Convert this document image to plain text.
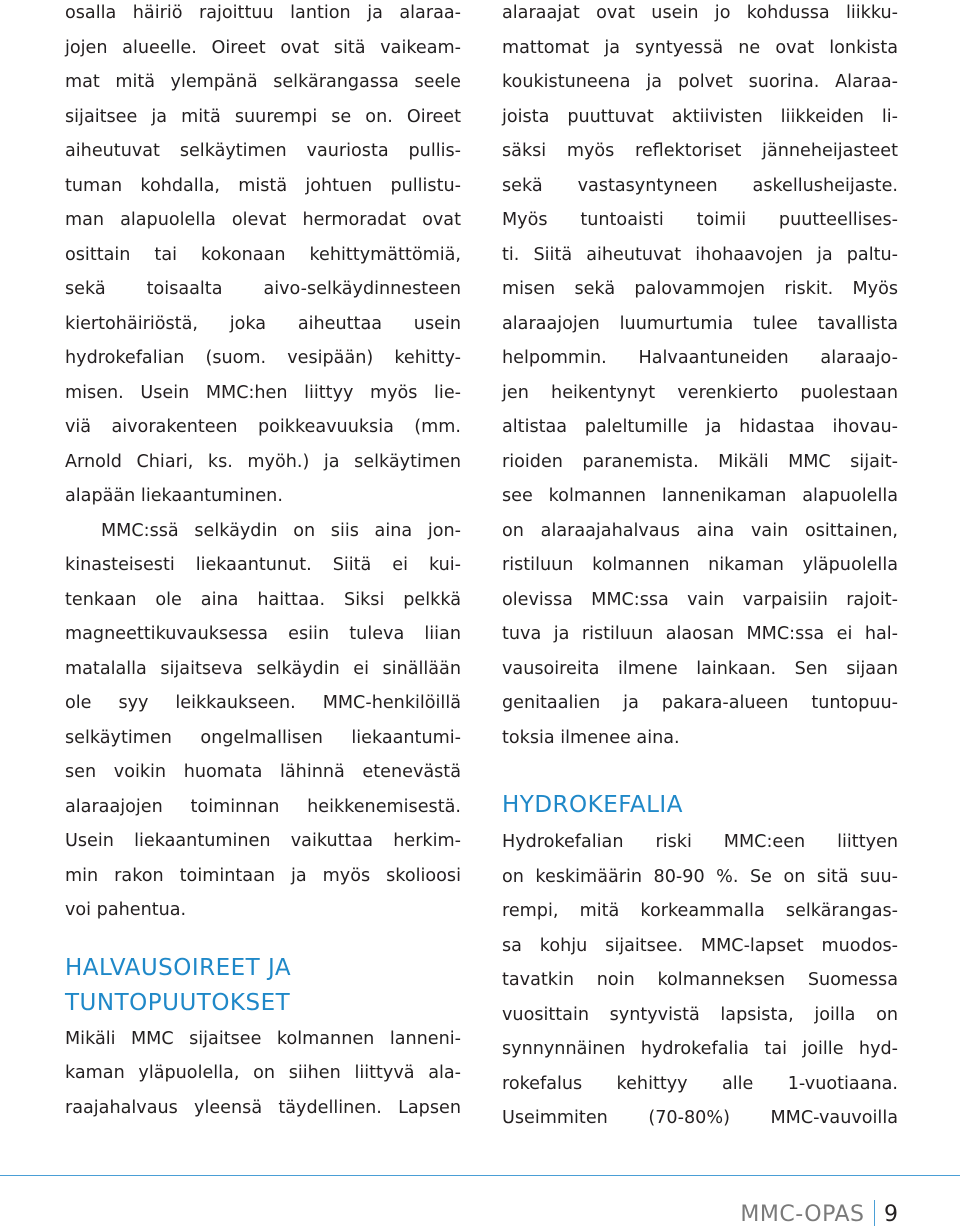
osalla häiriö rajoittuu lantion ja alaraa-
jojen alueelle. Oireet ovat sitä vaikeam-
mat mitä ylempänä selkärangassa seele
sijaitsee ja mitä suurempi se on. Oireet
aiheutuvat selkäytimen vauriosta pullis-
tuman kohdalla, mistä johtuen pullistu-
man alapuolella olevat hermoradat ovat
osittain tai kokonaan kehittymättömiä,
sekä toisaalta aivo-selkäydinnesteen
kiertohäiriöstä, joka aiheuttaa usein
hydrokefalian (suom. vesipään) kehitty-
misen. Usein MMC:hen liittyy myös lie-
viä aivorakenteen poikkeavuuksia (mm.
Arnold Chiari, ks. myöh.) ja selkäytimen
alapään liekaantuminen.
MMC:ssä selkäydin on siis aina jon-
kinasteisesti liekaantunut. Siitä ei kui-
tenkaan ole aina haittaa. Siksi pelkkä
magneettikuvauksessa esiin tuleva liian
matalalla sijaitseva selkäydin ei sinällään
ole syy leikkaukseen. MMC-henkilöillä
selkäytimen ongelmallisen liekaantumi-
sen voikin huomata lähinnä etenevästä
alaraajojen toiminnan heikkenemisestä.
Usein liekaantuminen vaikuttaa herkim-
min rakon toimintaan ja myös skolioosi
voi pahentua.
HALVAUSOIREET JA
TUNTOPUUTOKSET
Mikäli MMC sijaitsee kolmannen lanneni-
kaman yläpuolella, on siihen liittyvä ala-
raajahalvaus yleensä täydellinen. Lapsen
alaraajat ovat usein jo kohdussa liikku-
mattomat ja syntyessä ne ovat lonkista
koukistuneena ja polvet suorina. Alaraa-
joista puuttuvat aktiivisten liikkeiden li-
säksi myös reflektoriset jänneheijasteet
sekä vastasyntyneen askellusheijaste.
Myös tuntoaisti toimii puutteellises-
ti. Siitä aiheutuvat ihohaavojen ja paltu-
misen sekä palovammojen riskit. Myös
alaraajojen luumurtumia tulee tavallista
helpommin. Halvaantuneiden alaraajo-
jen heikentynyt verenkierto puolestaan
altistaa paleltumille ja hidastaa ihovau-
rioiden paranemista. Mikäli MMC sijait-
see kolmannen lannenikaman alapuolella
on alaraajahalvaus aina vain osittainen,
ristiluun kolmannen nikaman yläpuolella
olevissa MMC:ssa vain varpaisiin rajoit-
tuva ja ristiluun alaosan MMC:ssa ei hal-
vausoireita ilmene lainkaan. Sen sijaan
genitaalien ja pakara-alueen tuntopuu-
toksia ilmenee aina.
HYDROKEFALIA
Hydrokefalian riski MMC:een liittyen
on keskimäärin 80-90 %. Se on sitä suu-
rempi, mitä korkeammalla selkärangas-
sa kohju sijaitsee. MMC-lapset muodos-
tavatkin noin kolmanneksen Suomessa
vuosittain syntyvistä lapsista, joilla on
synnynnäinen hydrokefalia tai joille hyd-
rokefalus kehittyy alle 1-vuotiaana.
Useimmiten (70-80%) MMC-vauvoilla
MMC-OPAS 9
